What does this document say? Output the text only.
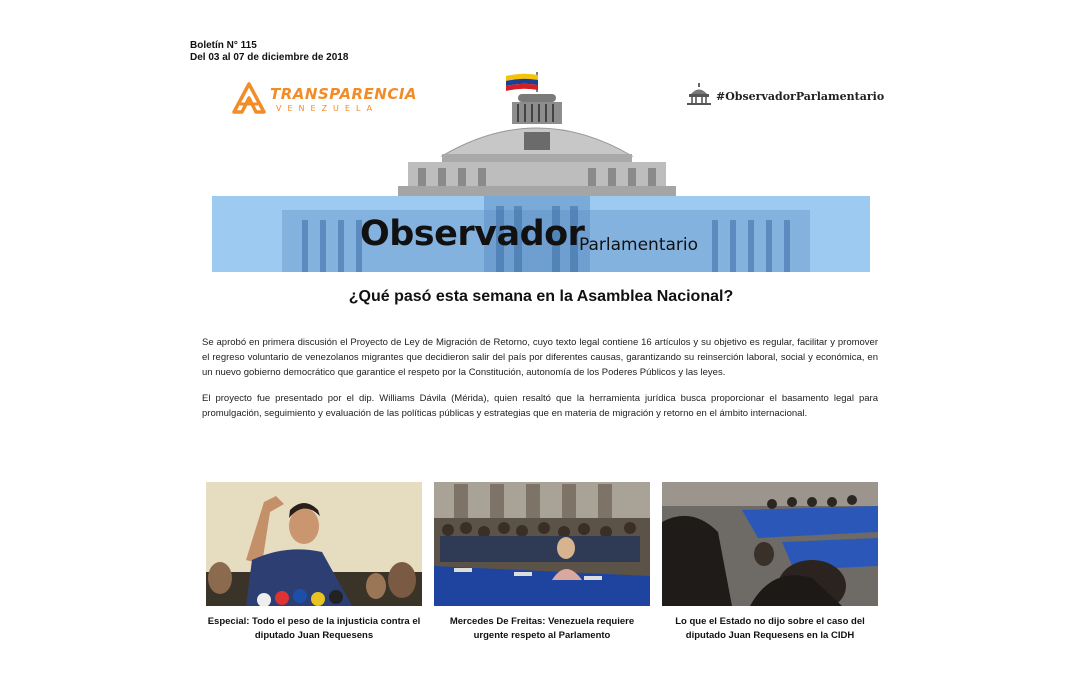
Boletín N° 115
Del 03 al 07 de diciembre de 2018
Observador
Parlamentario
TRANSPARENCIA
VENEZUELA
#ObservadorParlamentario
¿Qué pasó esta semana en la Asamblea Nacional?
Se aprobó en primera discusión el Proyecto de Ley de Migración de Retorno, cuyo texto legal contiene 16 artículos y su objetivo es regular, facilitar y promover el regreso voluntario de venezolanos migrantes que decidieron salir del país por diferentes causas, garantizando su reinserción laboral, social y económica, en un nuevo gobierno democrático que garantice el respeto por la Constitución, autonomía de los Poderes Públicos y las leyes.
El proyecto fue presentado por el dip. Williams Dávila (Mérida), quien resaltó que la herramienta jurídica busca proporcionar el basamento legal para promulgación, seguimiento y evaluación de las políticas públicas y estrategias que en materia de migración y retorno en el ámbito internacional.
Especial: Todo el peso de la injusticia contra el diputado Juan Requesens
Mercedes De Freitas: Venezuela requiere urgente respeto al Parlamento
Lo que el Estado no dijo sobre el caso del diputado Juan Requesens en la CIDH
